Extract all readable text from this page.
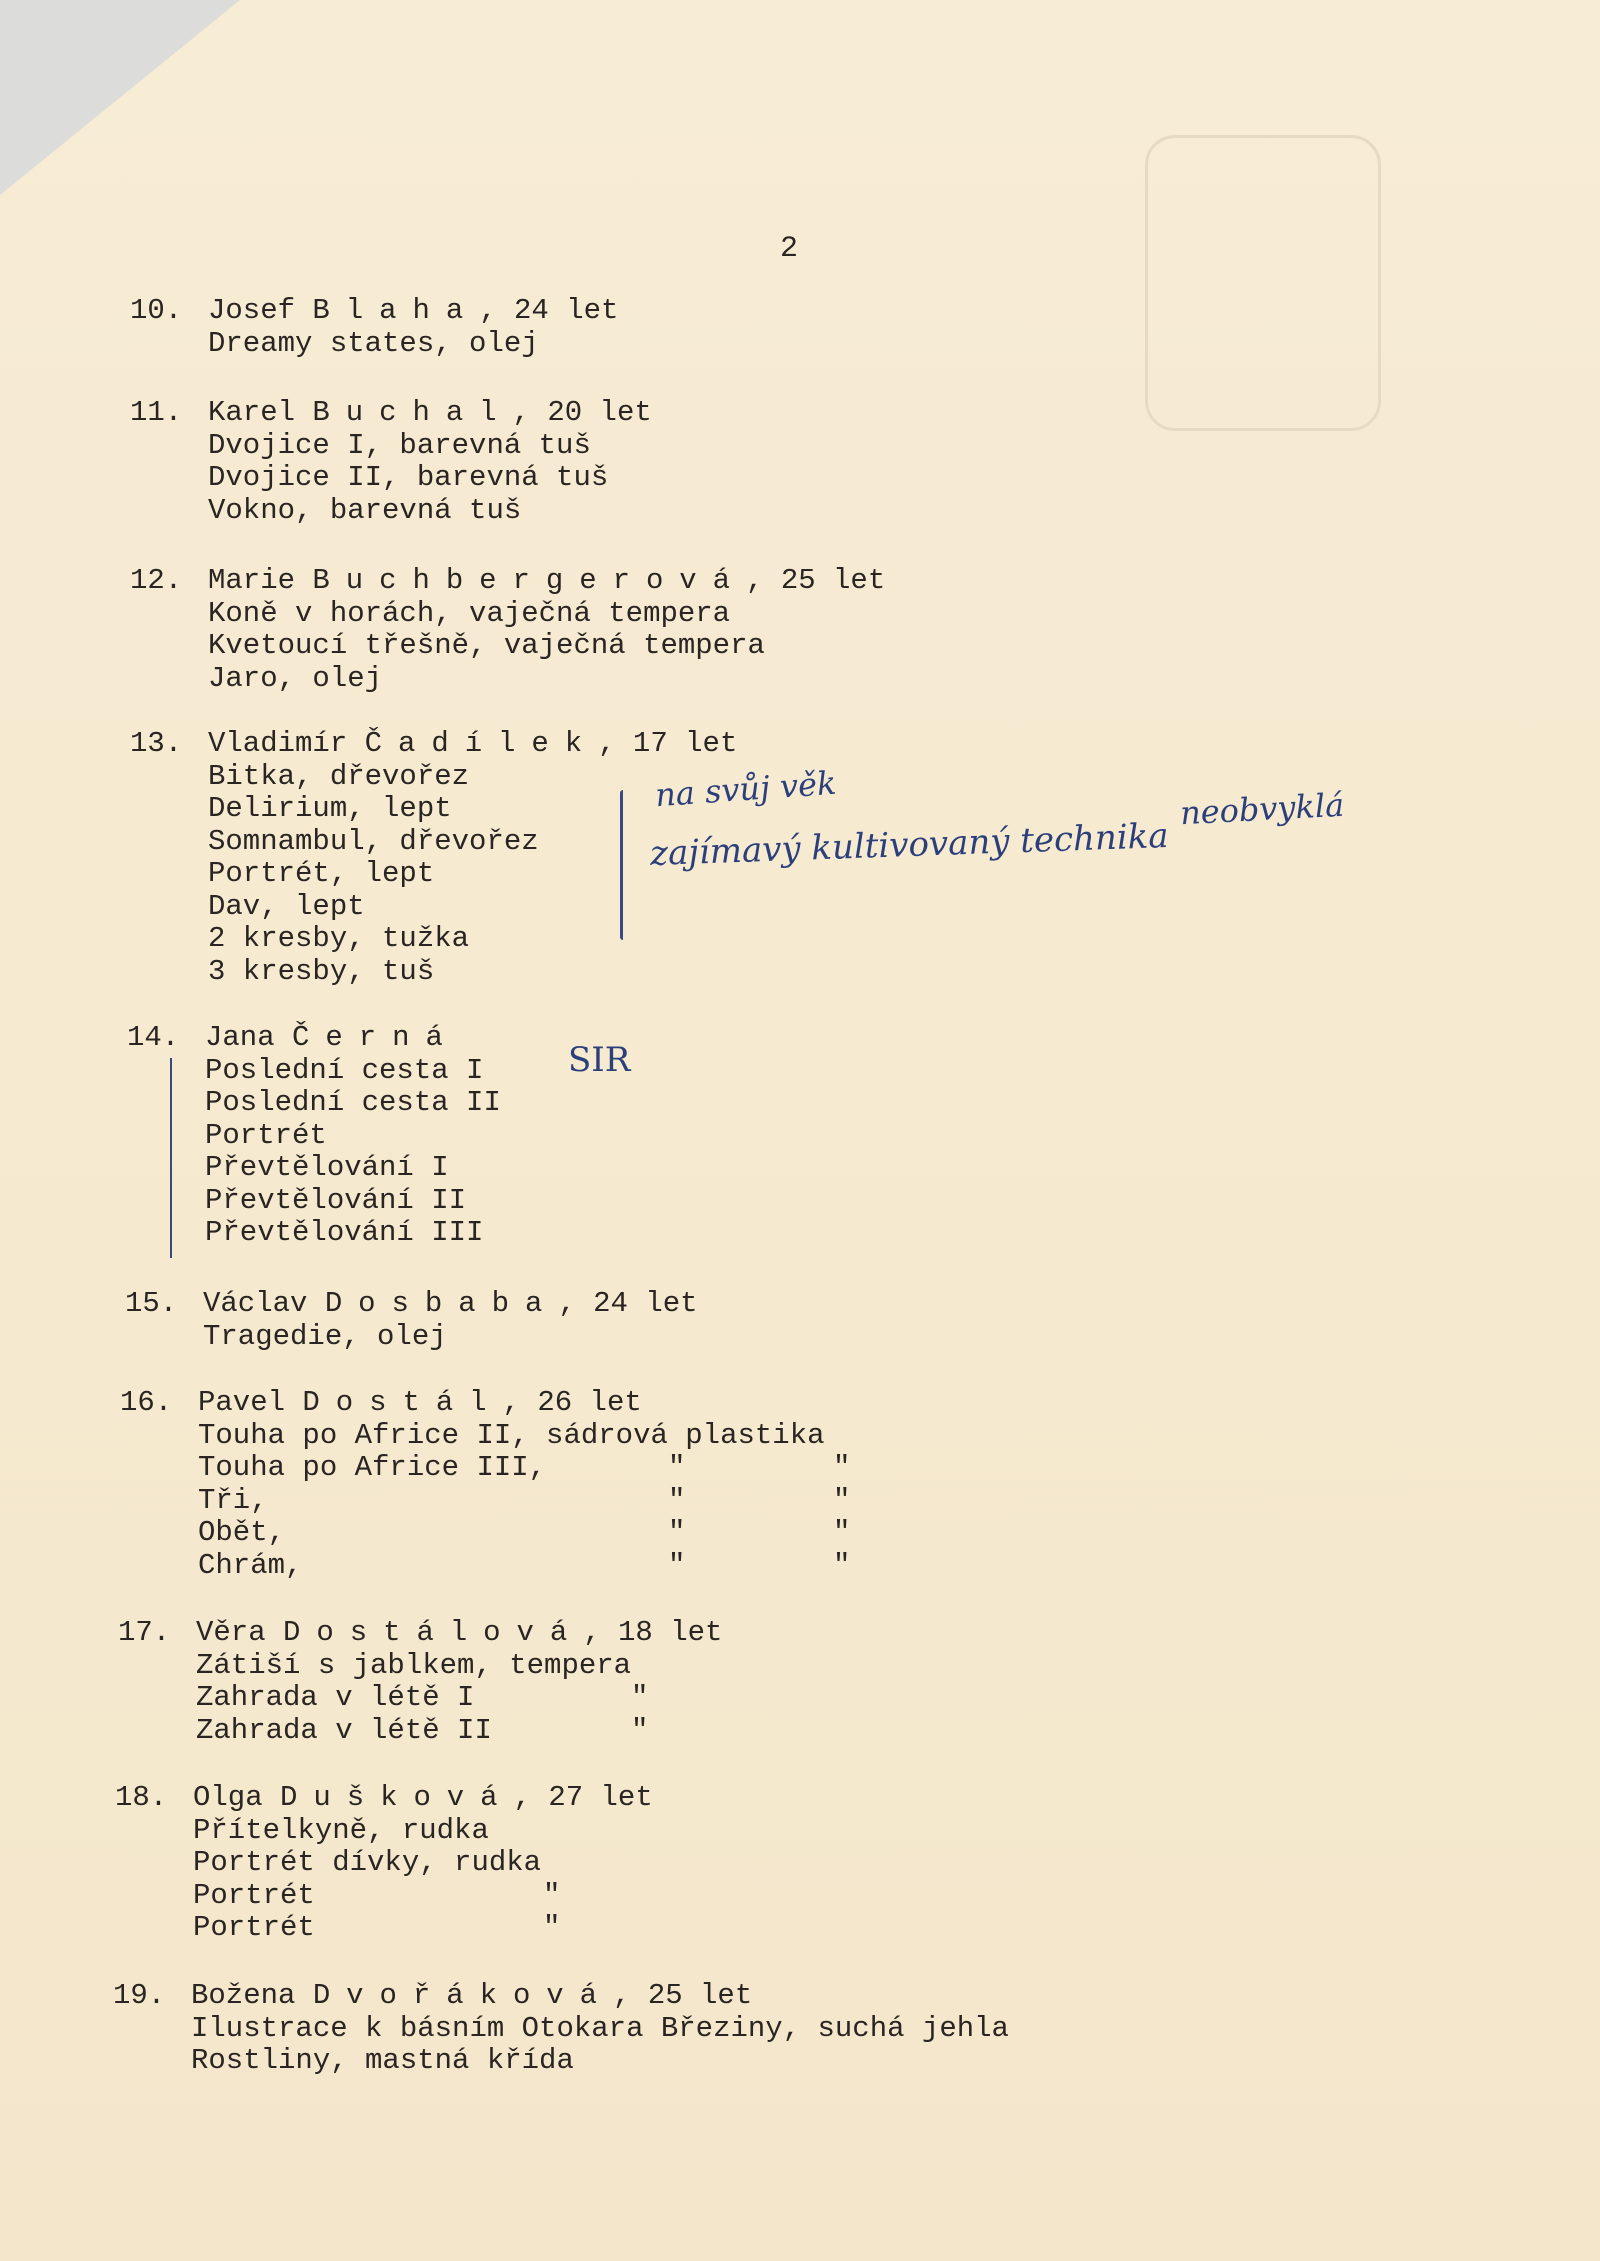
2
10. Josef Blaha, 24 let
Dreamy states, olej
11. Karel Buchal, 20 let
Dvojice I, barevná tuš
Dvojice II, barevná tuš
Vokno, barevná tuš
12. Marie Buchbergerová, 25 let
Koně v horách, vaječná tempera
Kvetoucí třešně, vaječná tempera
Jaro, olej
13. Vladimír Čadílek, 17 let
Bitka, dřevořez
Delirium, lept
Somnambul, dřevořez
Portrét, lept
Dav, lept
2 kresby, tužka
3 kresby, tuš
na svůj věk
zajímavý kultivovaný technika
neobvyklá
14. Jana Černá
Poslední cesta I
Poslední cesta II
Portrét
Převtělování I
Převtělování II
Převtělování III
SIR
15. Václav Dosbaba, 24 let
Tragedie, olej
16. Pavel Dostál, 26 let
Touha po Africe II, sádrová plastika
Touha po Africe III,	"	"
Tři,	"	"
Obět,	"	"
Chrám,	"	"
17. Věra Dostálová, 18 let
Zátiší s jablkem, tempera
Zahrada v létě I	"
Zahrada v létě II	"
18. Olga Dušková, 27 let
Přítelkyně, rudka
Portrét dívky, rudka
Portrét	"
Portrét	"
19. Božena Dvořáková, 25 let
Ilustrace k básním Otokara Březiny, suchá jehla
Rostliny, mastná křída
